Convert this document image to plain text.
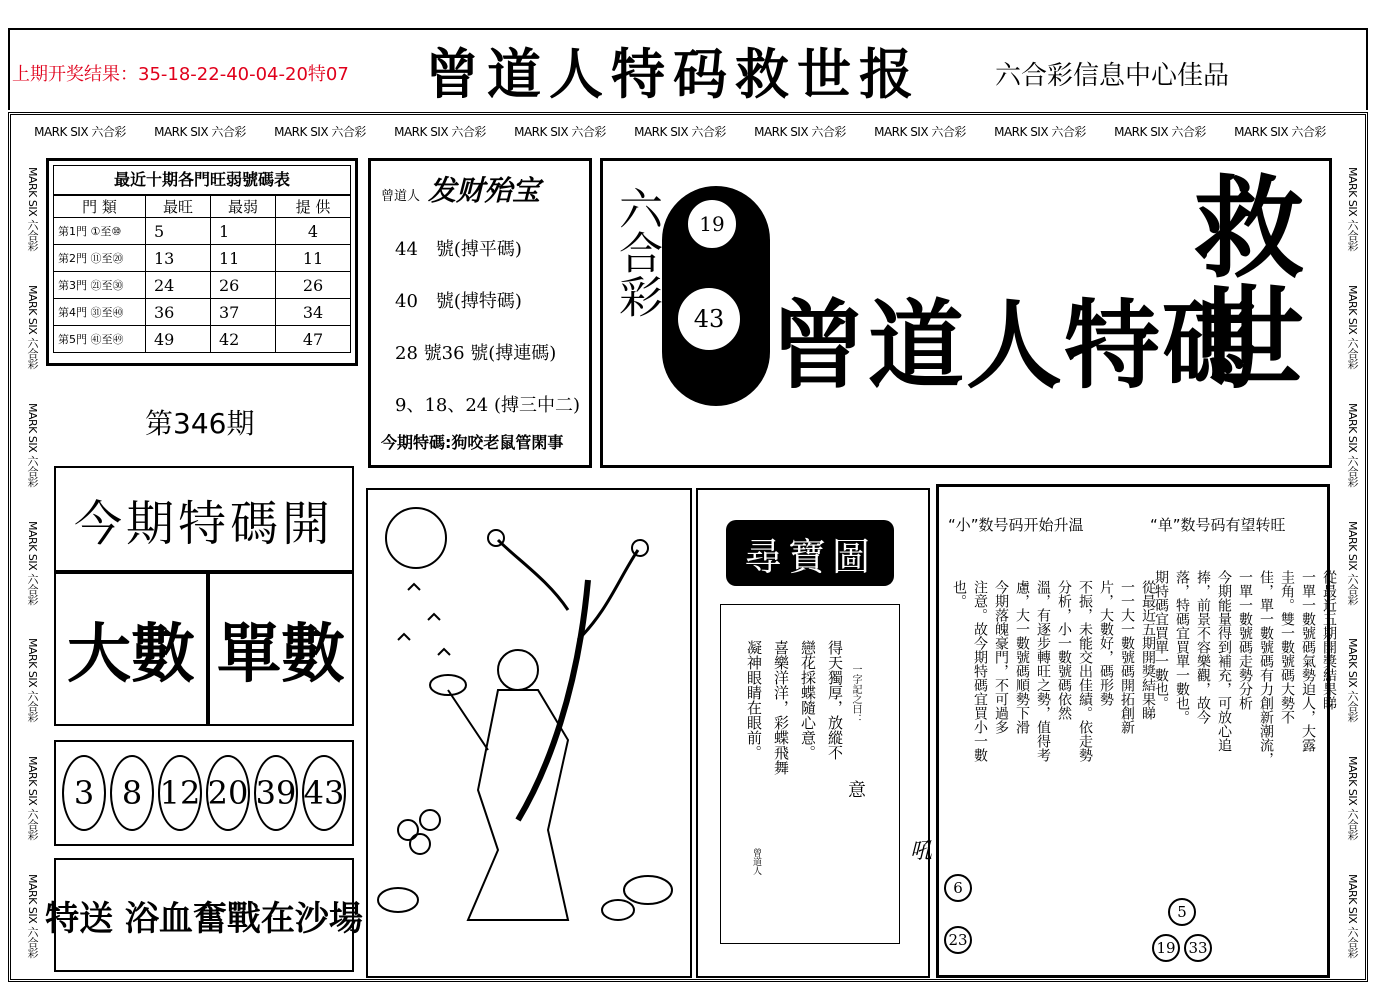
上期开奖结果：35-18-22-40-04-20特07 曾道人特码救世报	六合彩信息中心佳品
MARK SIX 六合彩 MARK SIX 六合彩 MARK SIX 六合彩 MARK SIX 六合彩 MARK SIX 六合彩 MARK SIX 六合彩 MARK SIX 六合彩 MARK SIX 六合彩 MARK SIX 六合彩 MARK SIX 六合彩 MARK SIX 六合彩
MARK SIX 六合彩
MARK SIX 六合彩
MARK SIX 六合彩
MARK SIX 六合彩
MARK SIX 六合彩
MARK SIX 六合彩
MARK SIX 六合彩
MARK SIX 六合彩
MARK SIX 六合彩
MARK SIX 六合彩
MARK SIX 六合彩
MARK SIX 六合彩
MARK SIX 六合彩
MARK SIX 六合彩
最近十期各門旺弱號碼表
門 類	最旺	最弱	提 供
第1門 ①至⑩	5	1	4
第2門 ⑪至⑳	13	11	11
第3門 ㉑至㉚	24	26	26
第4門 ㉛至㊵	36	37	34
第5門 ㊶至㊾	49	42	47
第346期
今期特碼開
大數 單數
3 8 12 20 39 43
特送 浴血奮戰在沙場
曾道人 发财殆宝
44　號(搏平碼)
40　號(搏特碼)
28 號36 號(搏連碼)
9、18、24 (搏三中二)
今期特碼:狗咬老鼠管閑事
六合彩	19
43 曾道人特碼
救世
尋寶圖
得天獨厚，放縱不
戀花採蝶隨心意。
喜樂洋洋，彩蝶飛舞
凝神眼睛在眼前。	一字記之曰：
意
曾道人	吼
“小”数号码开始升温	“单”数号码有望转旺
從最近五期開獎結果睇
一一大一數號碼開拓創新
片，大數好，碼形勢
不振，未能交出佳績。依走勢
分析，小一數號碼依然
溫，有逐步轉旺之勢，值得考
慮，大一數號碼順勢下滑
今期落魄豪門，不可過多
注意。故今期特碼宜買小一數
也。	從最近五期開獎結果睇
一單一數號碼氣勢迫人，大露
圭角。雙一數號碼大勢不
佳，單一數號碼有力創新潮流，
一單一數號碼走勢分析
今期能量得到補充，可放心追
捧，前景不容樂觀，故今
落，特碼宜買單一數也。
期特碼宜買單一數也。
6
23
5
19 33
